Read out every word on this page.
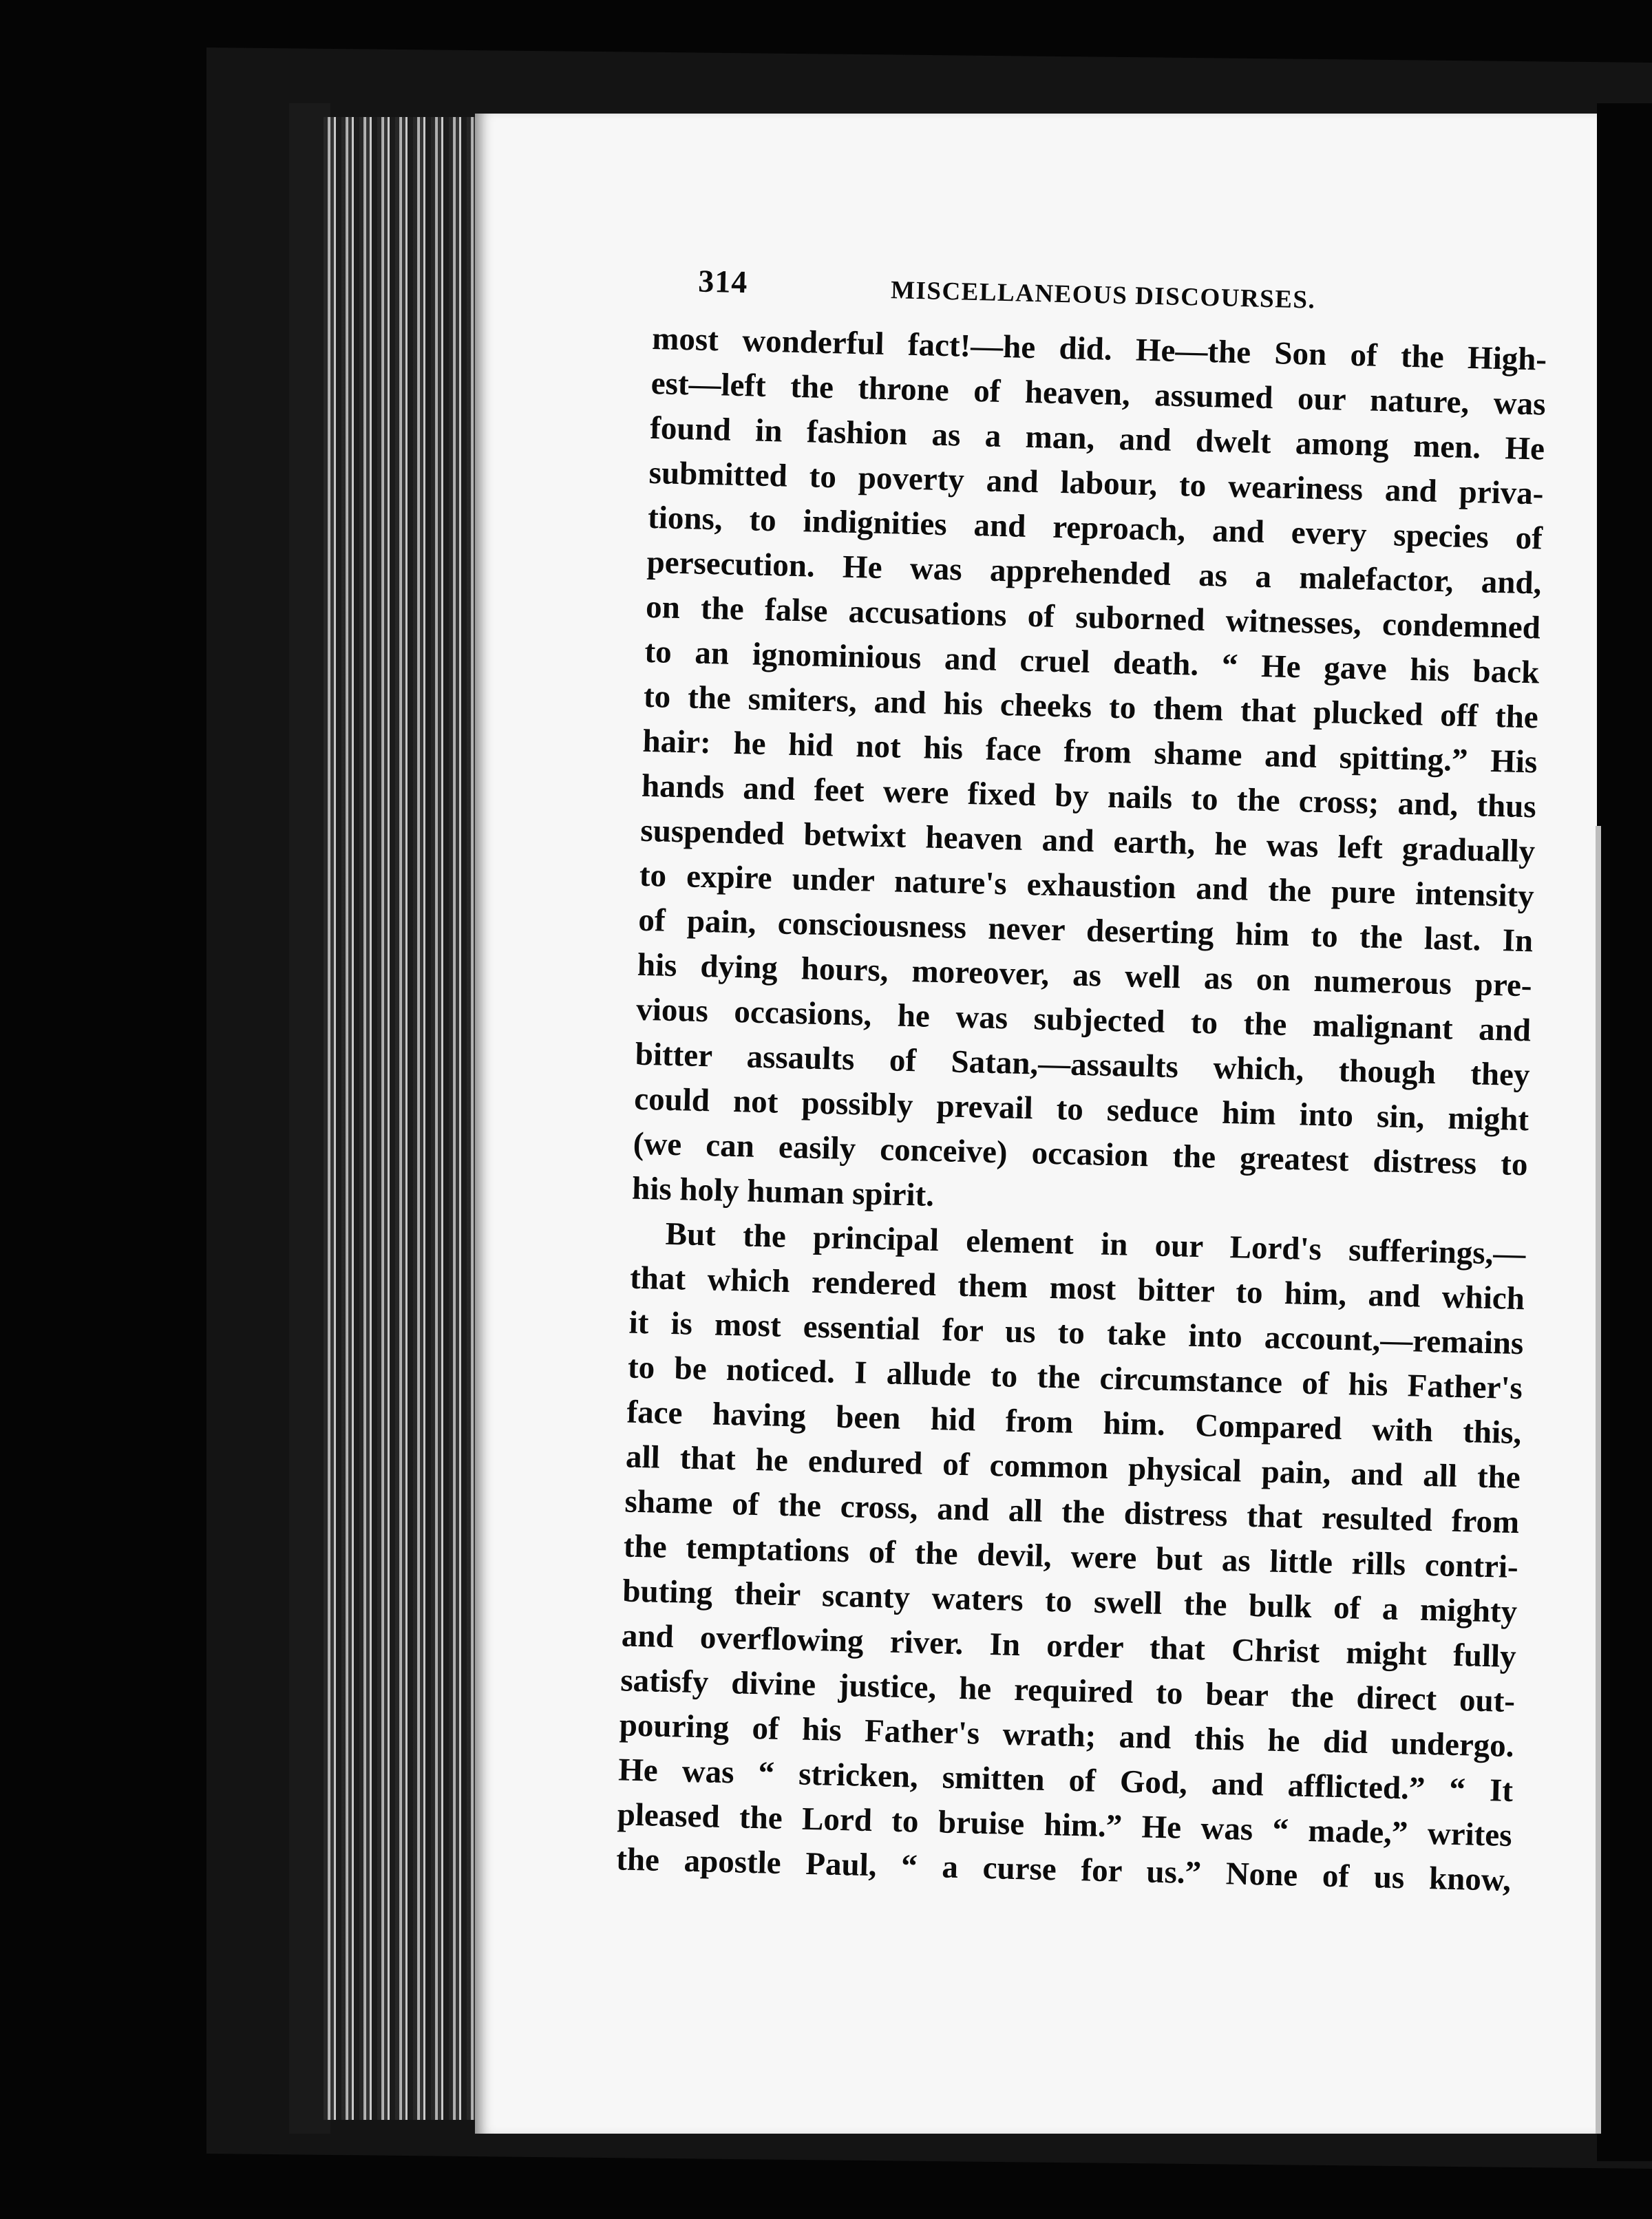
314	MISCELLANEOUS DISCOURSES.
most wonderful fact!—he did. He—the Son of the High-
est—left the throne of heaven, assumed our nature, was
found in fashion as a man, and dwelt among men. He
submitted to poverty and labour, to weariness and priva-
tions, to indignities and reproach, and every species of
persecution. He was apprehended as a malefactor, and,
on the false accusations of suborned witnesses, condemned
to an ignominious and cruel death. “ He gave his back
to the smiters, and his cheeks to them that plucked off the
hair: he hid not his face from shame and spitting.” His
hands and feet were fixed by nails to the cross; and, thus
suspended betwixt heaven and earth, he was left gradually
to expire under nature's exhaustion and the pure intensity
of pain, consciousness never deserting him to the last. In
his dying hours, moreover, as well as on numerous pre-
vious occasions, he was subjected to the malignant and
bitter assaults of Satan,—assaults which, though they
could not possibly prevail to seduce him into sin, might
(we can easily conceive) occasion the greatest distress to
his holy human spirit.
But the principal element in our Lord's sufferings,—
that which rendered them most bitter to him, and which
it is most essential for us to take into account,—remains
to be noticed. I allude to the circumstance of his Father's
face having been hid from him. Compared with this,
all that he endured of common physical pain, and all the
shame of the cross, and all the distress that resulted from
the temptations of the devil, were but as little rills contri-
buting their scanty waters to swell the bulk of a mighty
and overflowing river. In order that Christ might fully
satisfy divine justice, he required to bear the direct out-
pouring of his Father's wrath; and this he did undergo.
He was “ stricken, smitten of God, and afflicted.” “ It
pleased the Lord to bruise him.” He was “ made,” writes
the apostle Paul, “ a curse for us.” None of us know,
